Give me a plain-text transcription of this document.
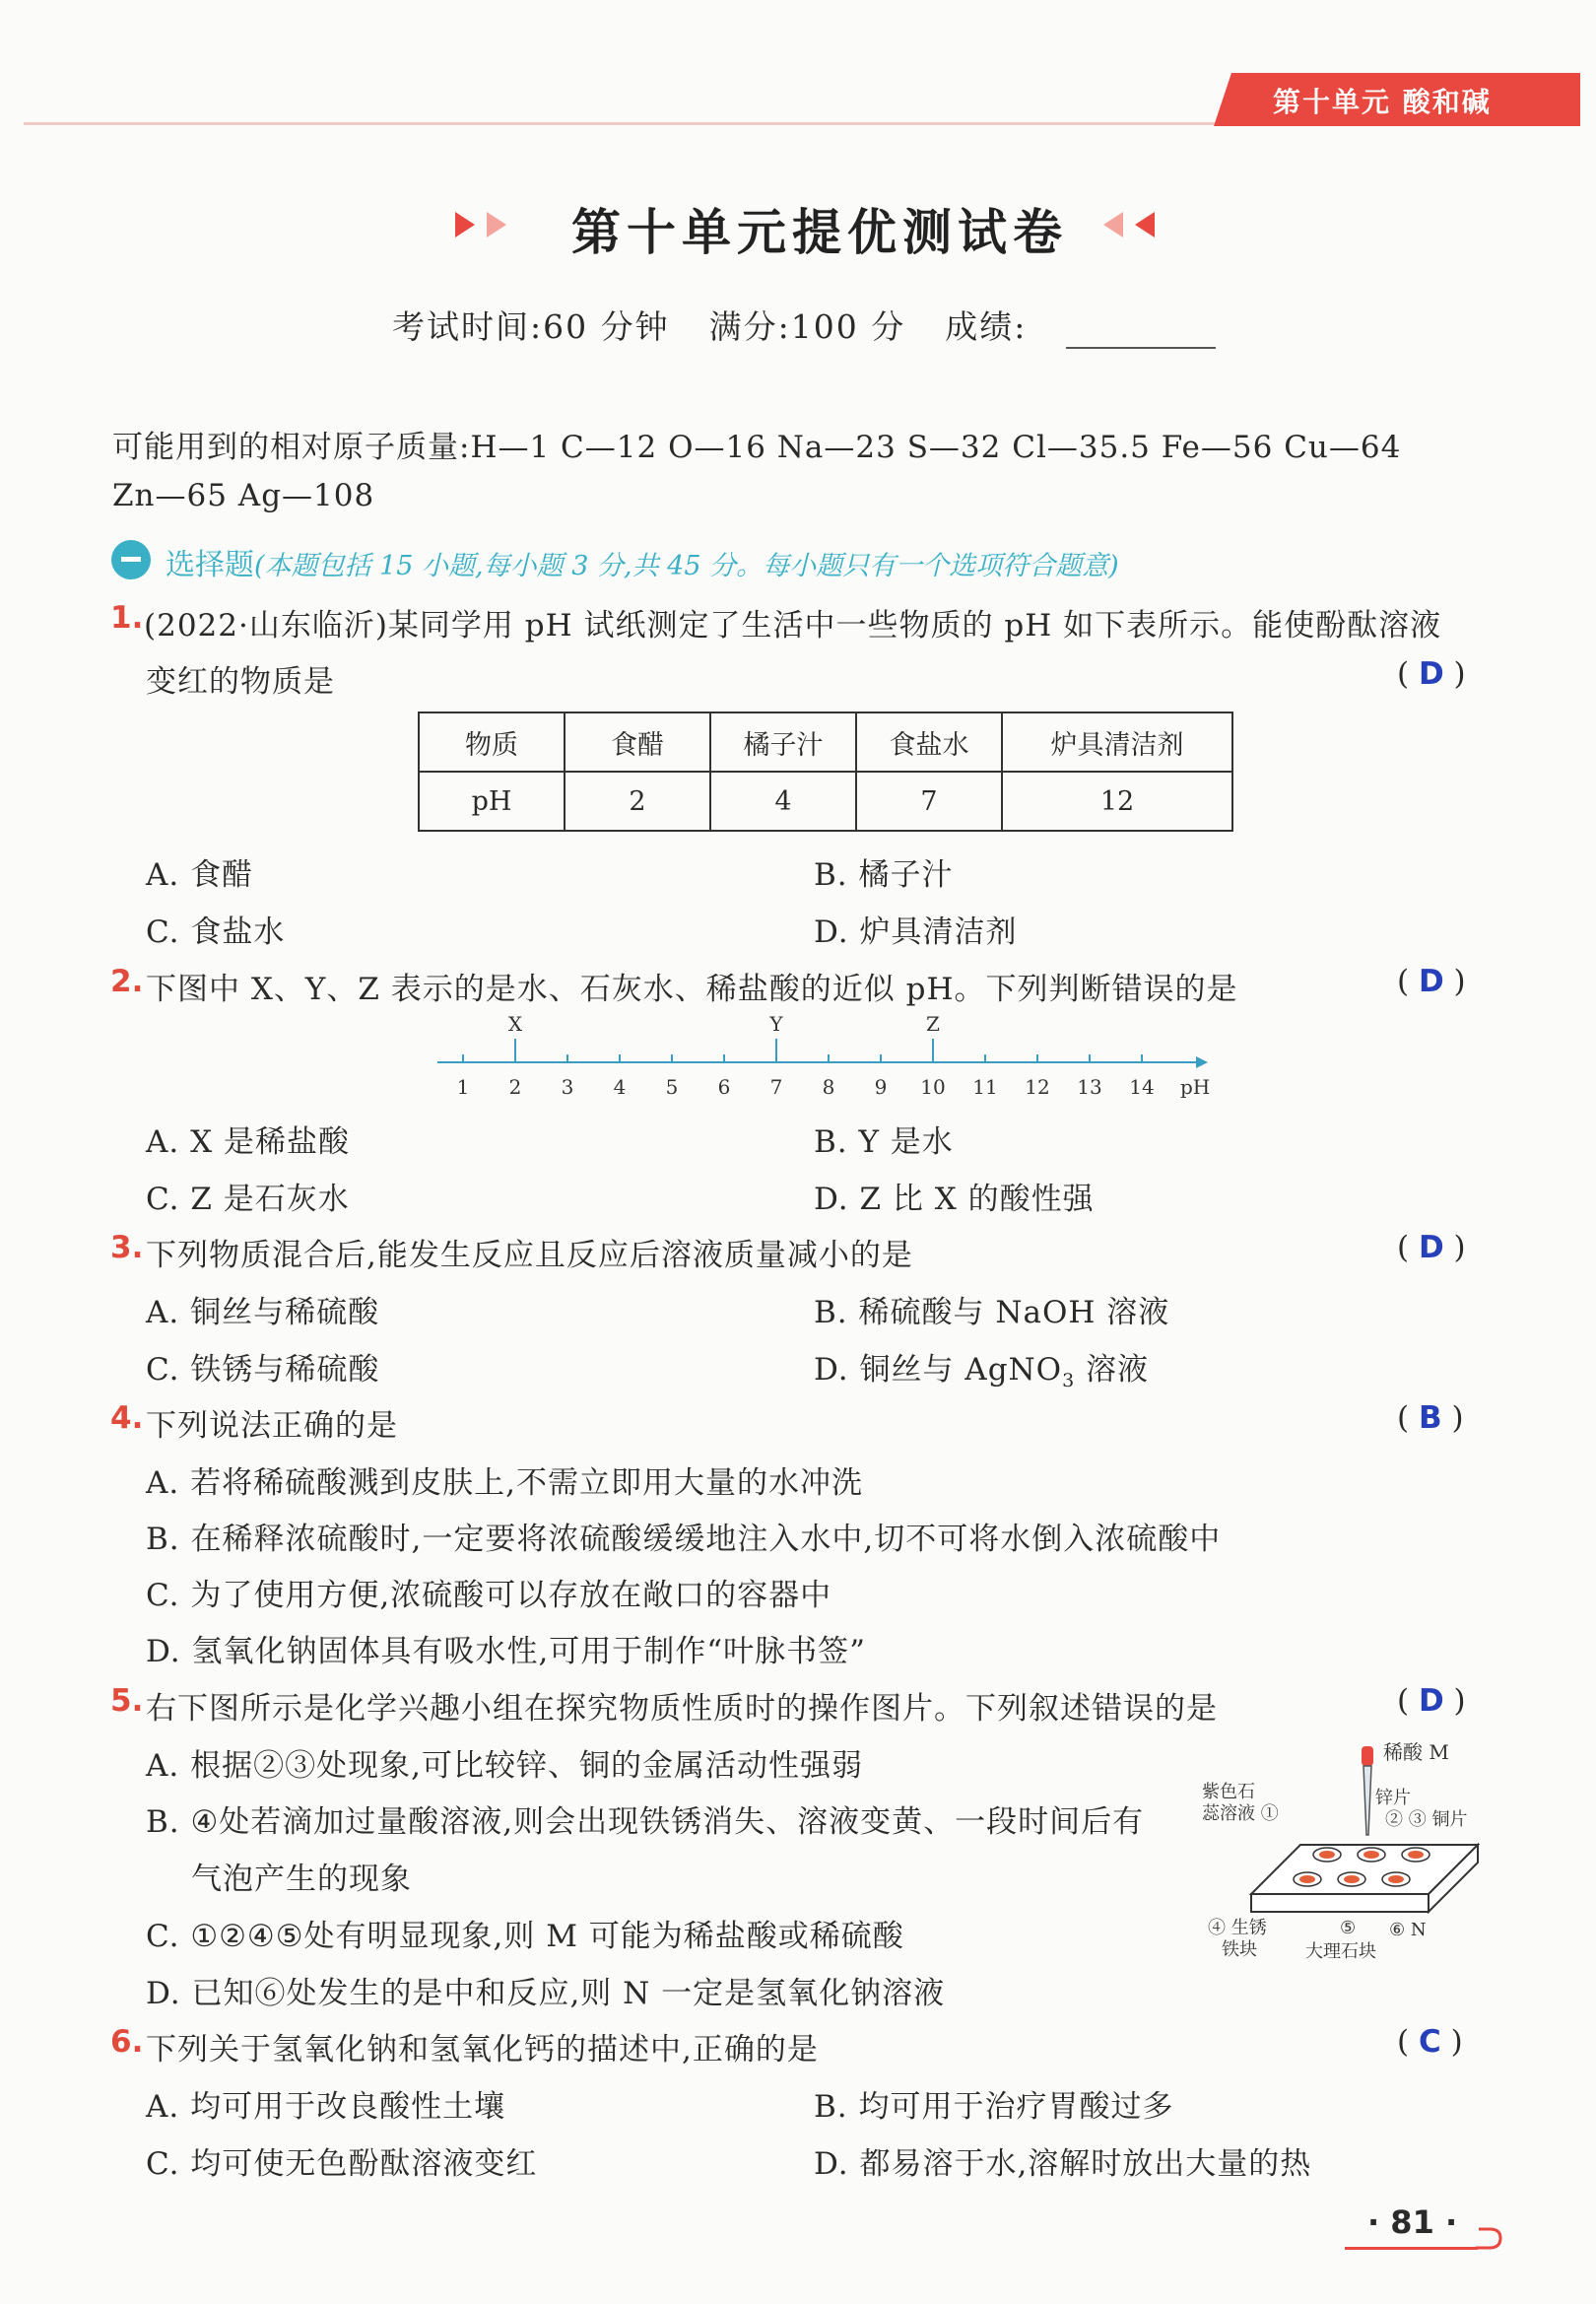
第十单元 酸和碱
第十单元提优测试卷
考试时间:60 分钟 满分:100 分 成绩:
可能用到的相对原子质量:H—1 C—12 O—16 Na—23 S—32 Cl—35.5 Fe—56 Cu—64
Zn—65 Ag—108
选择题(本题包括 15 小题,每小题 3 分,共 45 分。每小题只有一个选项符合题意)
1. (2022·山东临沂)某同学用 pH 试纸测定了生活中一些物质的 pH 如下表所示。能使酚酞溶液
变红的物质是	( D )
物质	食醋	橘子汁	食盐水	炉具清洁剂
pH	2	4	7	12
A. 食醋	B. 橘子汁
C. 食盐水	D. 炉具清洁剂
2. 下图中 X、Y、Z 表示的是水、石灰水、稀盐酸的近似 pH。下列判断错误的是	( D )
1 2 3 4 5 6 7 8 9 10 11 12 13 14 pH
X	Y	Z
A. X 是稀盐酸	B. Y 是水
C. Z 是石灰水	D. Z 比 X 的酸性强
3. 下列物质混合后,能发生反应且反应后溶液质量减小的是	( D )
A. 铜丝与稀硫酸	B. 稀硫酸与 NaOH 溶液
C. 铁锈与稀硫酸	D. 铜丝与 AgNO$_3$ 溶液
4. 下列说法正确的是	( B )
A. 若将稀硫酸溅到皮肤上,不需立即用大量的水冲洗
B. 在稀释浓硫酸时,一定要将浓硫酸缓缓地注入水中,切不可将水倒入浓硫酸中
C. 为了使用方便,浓硫酸可以存放在敞口的容器中
D. 氢氧化钠固体具有吸水性,可用于制作“叶脉书签”
5. 右下图所示是化学兴趣小组在探究物质性质时的操作图片。下列叙述错误的是	( D )
A. 根据②③处现象,可比较锌、铜的金属活动性强弱
B. ④处若滴加过量酸溶液,则会出现铁锈消失、溶液变黄、一段时间后有
气泡产生的现象
C. ①②④⑤处有明显现象,则 M 可能为稀盐酸或稀硫酸
D. 已知⑥处发生的是中和反应,则 N 一定是氢氧化钠溶液
稀酸 M
锌片
紫色石
蕊溶液 ①	② ③ 铜片
④ 生锈
铁块
⑤ ⑥ N
大理石块
6. 下列关于氢氧化钠和氢氧化钙的描述中,正确的是	( C )
A. 均可用于改良酸性土壤	B. 均可用于治疗胃酸过多
C. 均可使无色酚酞溶液变红	D. 都易溶于水,溶解时放出大量的热
· 81 ·
